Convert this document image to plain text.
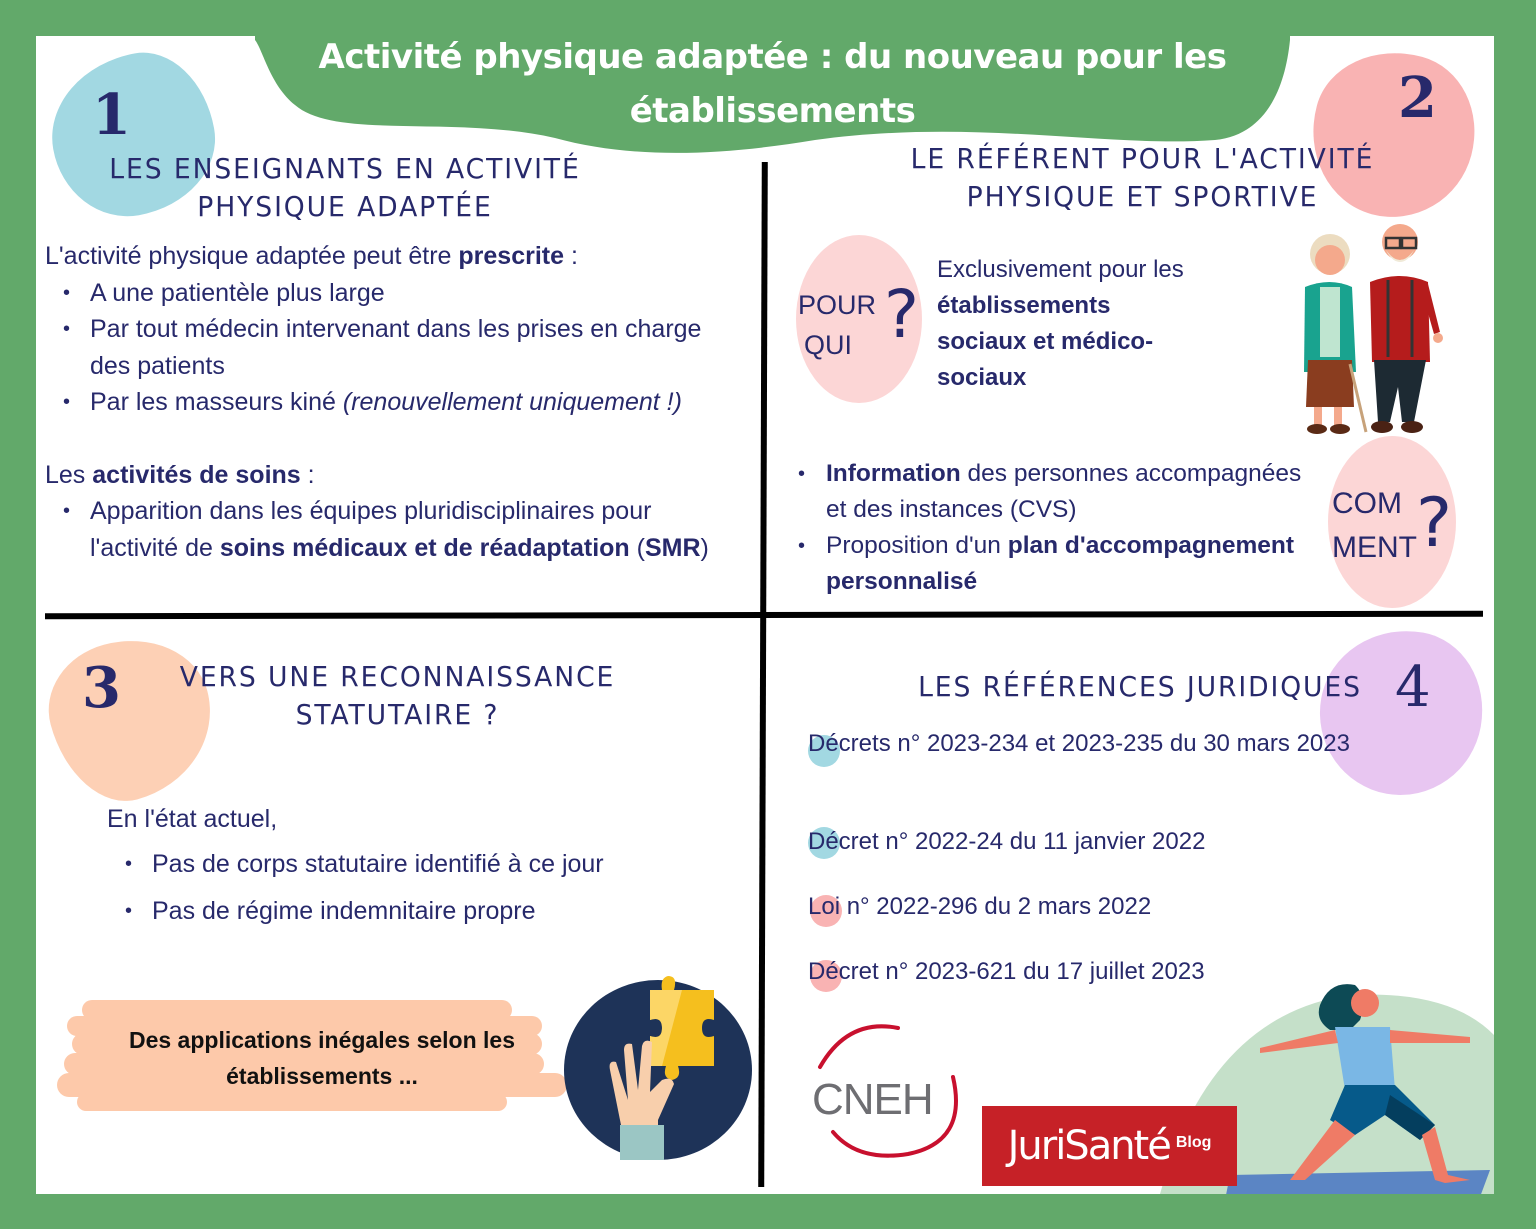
Activité physique adaptée : du nouveau pour les établissements
1
LES ENSEIGNANTS EN ACTIVITÉ
PHYSIQUE ADAPTÉE
L'activité physique adaptée peut être prescrite :
• A une patientèle plus large
• Par tout médecin intervenant dans les prises en charge des patients
• Par les masseurs kiné (renouvellement uniquement !)
Les activités de soins :
• Apparition dans les équipes pluridisciplinaires pour l'activité de soins médicaux et de réadaptation (SMR)
2
LE RÉFÉRENT POUR L'ACTIVITÉ
PHYSIQUE ET SPORTIVE
POUR
QUI ?
Exclusivement pour les
établissements sociaux et médico-sociaux
COM
MENT ?
• Information des personnes accompagnées et des instances (CVS)
• Proposition d'un plan d'accompagnement personnalisé
3	VERS UNE RECONNAISSANCE
STATUTAIRE ?
En l'état actuel,
• Pas de corps statutaire identifié à ce jour
• Pas de régime indemnitaire propre
Des applications inégales selon les établissements ...
4
LES RÉFÉRENCES JURIDIQUES
Décrets n° 2023-234 et 2023-235 du 30 mars 2023
Décret n° 2022-24 du 11 janvier 2022
Loi n° 2022-296 du 2 mars 2022
Décret n° 2023-621 du 17 juillet 2023
CNEH
JuriSanté Blog
